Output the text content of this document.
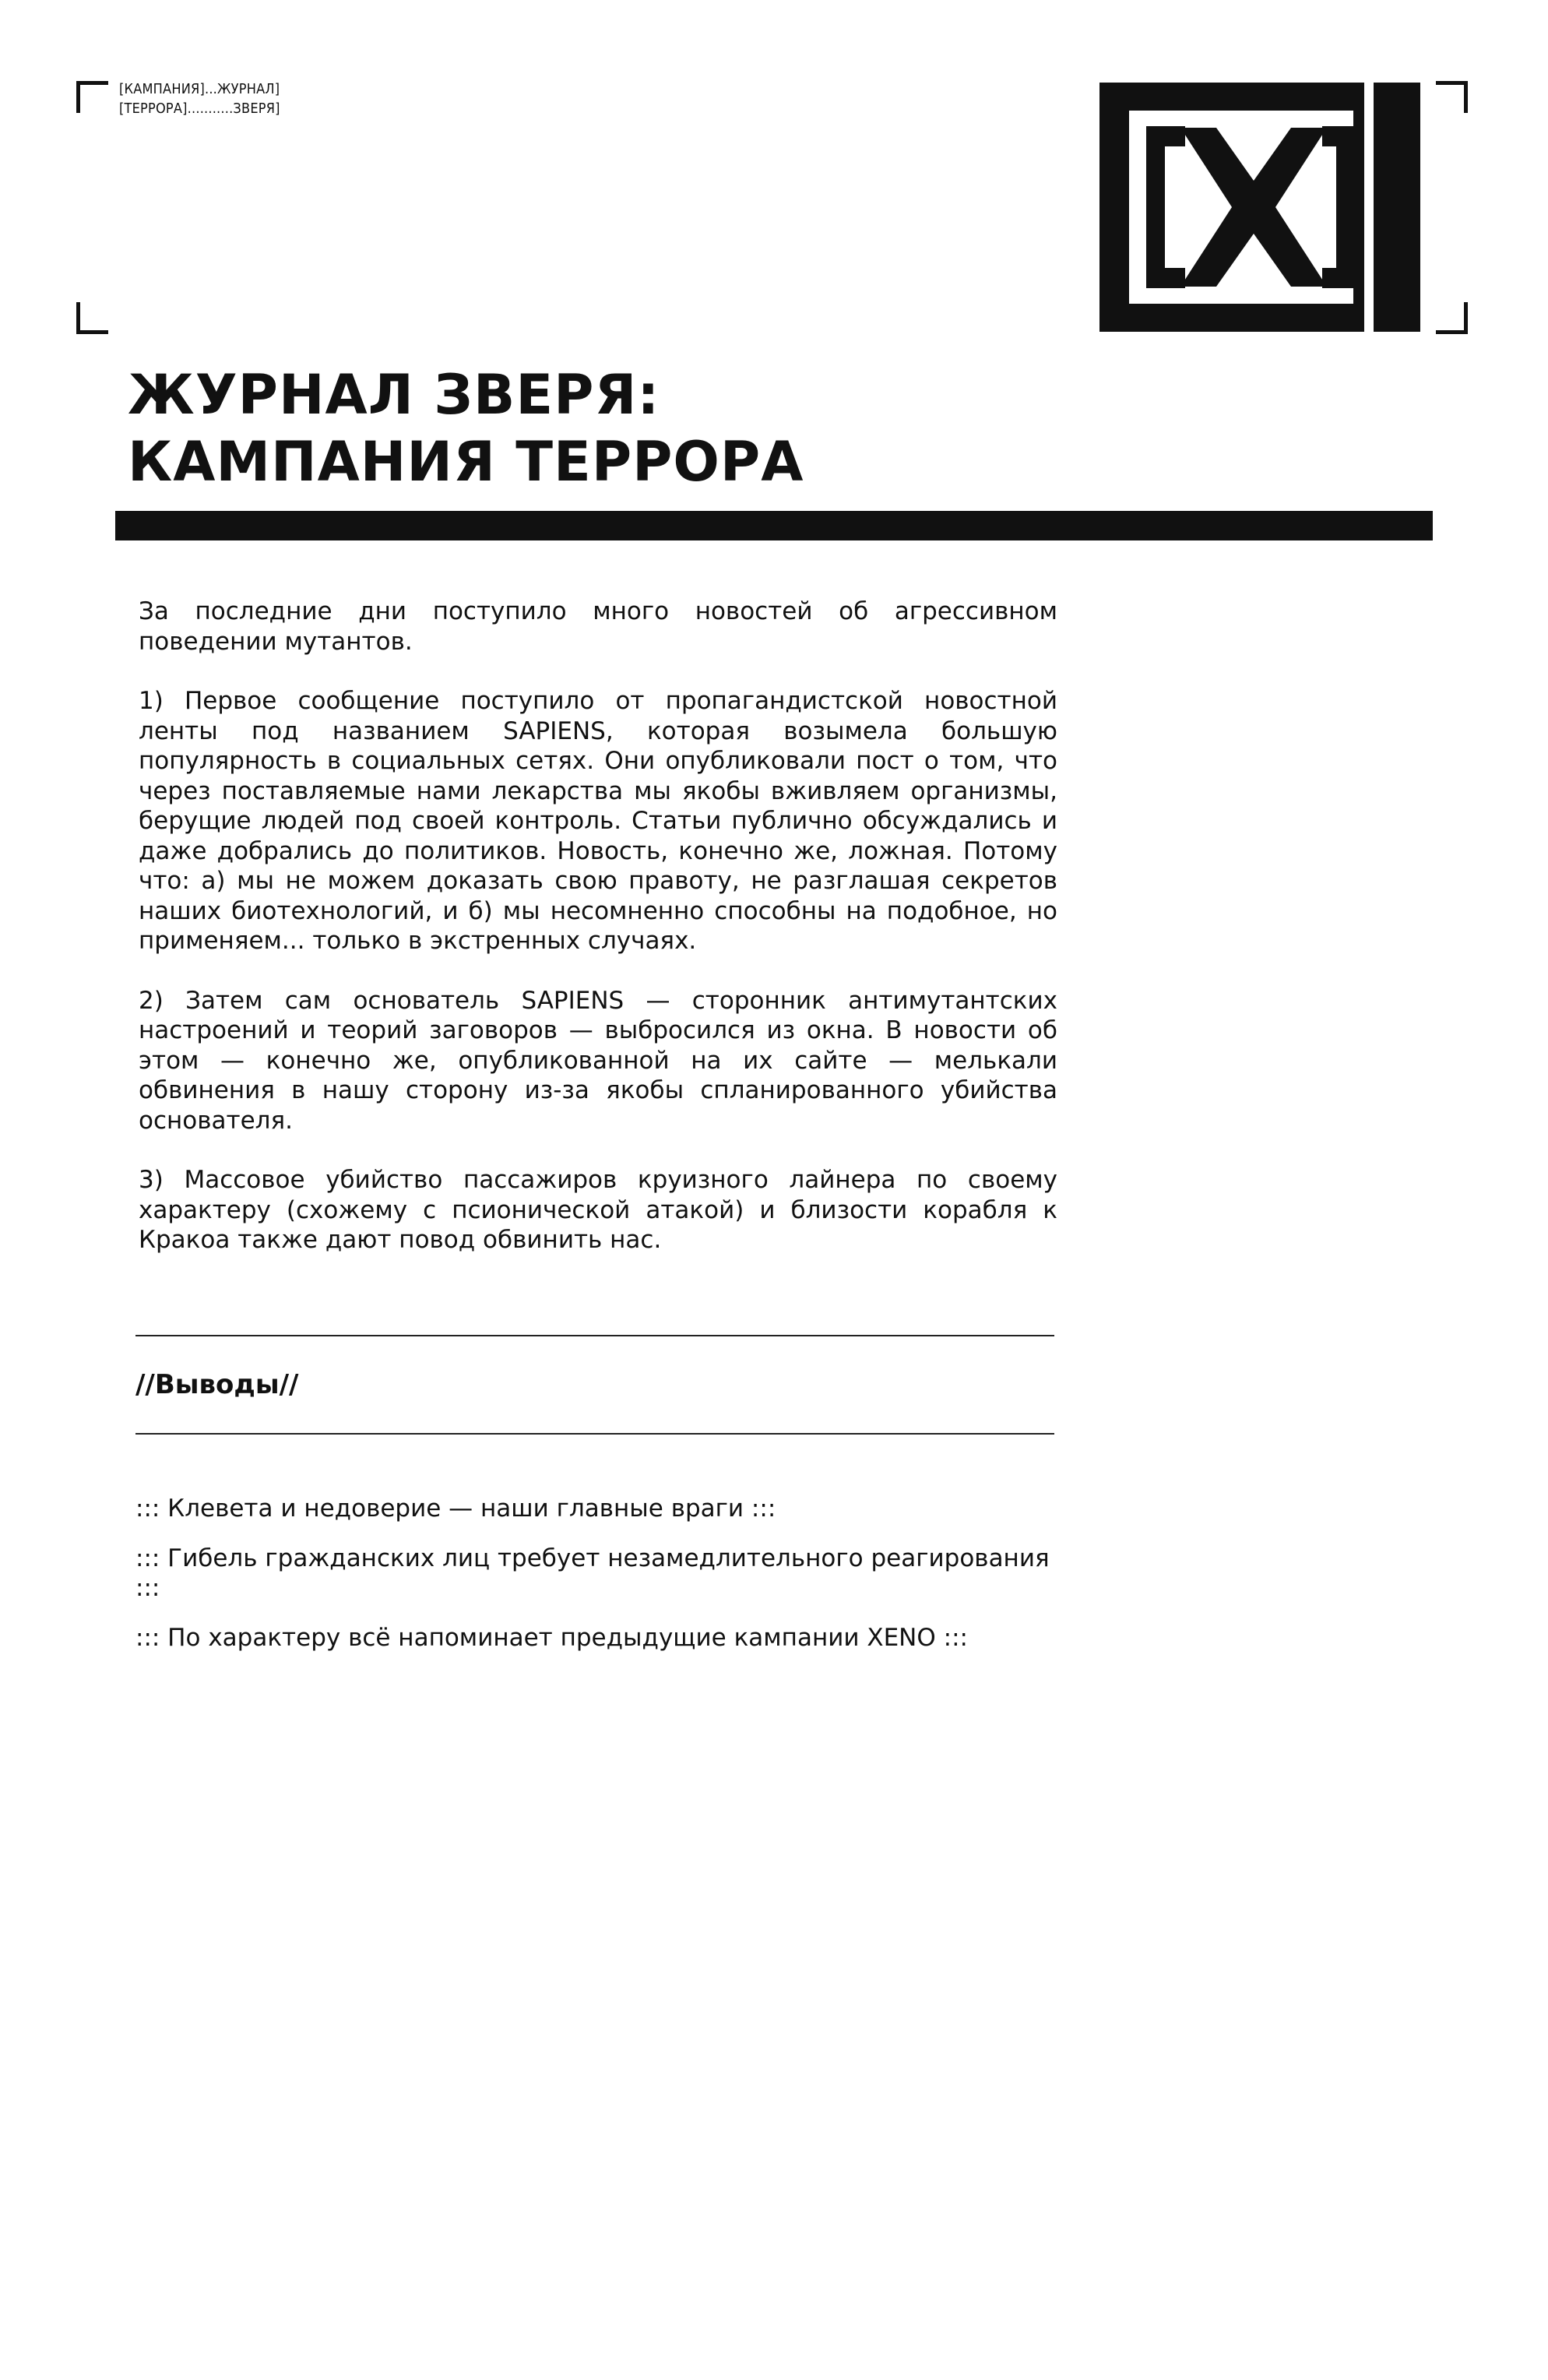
[КАМПАНИЯ]...ЖУРНАЛ]
[ТЕРРОРА]...........ЗВЕРЯ]
ЖУРНАЛ ЗВЕРЯ:
КАМПАНИЯ ТЕРРОРА

За последние дни поступило много новостей об агрессивном поведении мутантов.

1) Первое сообщение поступило от пропагандистской новостной ленты под названием SAPIENS, которая возымела большую популярность в социальных сетях. Они опубликовали пост о том, что через поставляемые нами лекарства мы якобы вживляем организмы, берущие людей под своей контроль. Статьи публично обсуждались и даже добрались до политиков. Новость, конечно же, ложная. Потому что: а) мы не можем доказать свою правоту, не разглашая секретов наших биотехнологий, и б) мы несомненно способны на подобное, но применяем... только в экстренных случаях.

2) Затем сам основатель SAPIENS — сторонник антимутантских настроений и теорий заговоров — выбросился из окна. В новости об этом — конечно же, опубликованной на их сайте — мелькали обвинения в нашу сторону из-за якобы спланированного убийства основателя.

3) Массовое убийство пассажиров круизного лайнера по своему характеру (схожему с псионической атакой) и близости корабля к Кракоа также дают повод обвинить нас.

//Выводы//

::: Клевета и недоверие — наши главные враги :::

::: Гибель гражданских лиц требует незамедлительного реагирования :::

::: По характеру всё напоминает предыдущие кампании XENO :::
